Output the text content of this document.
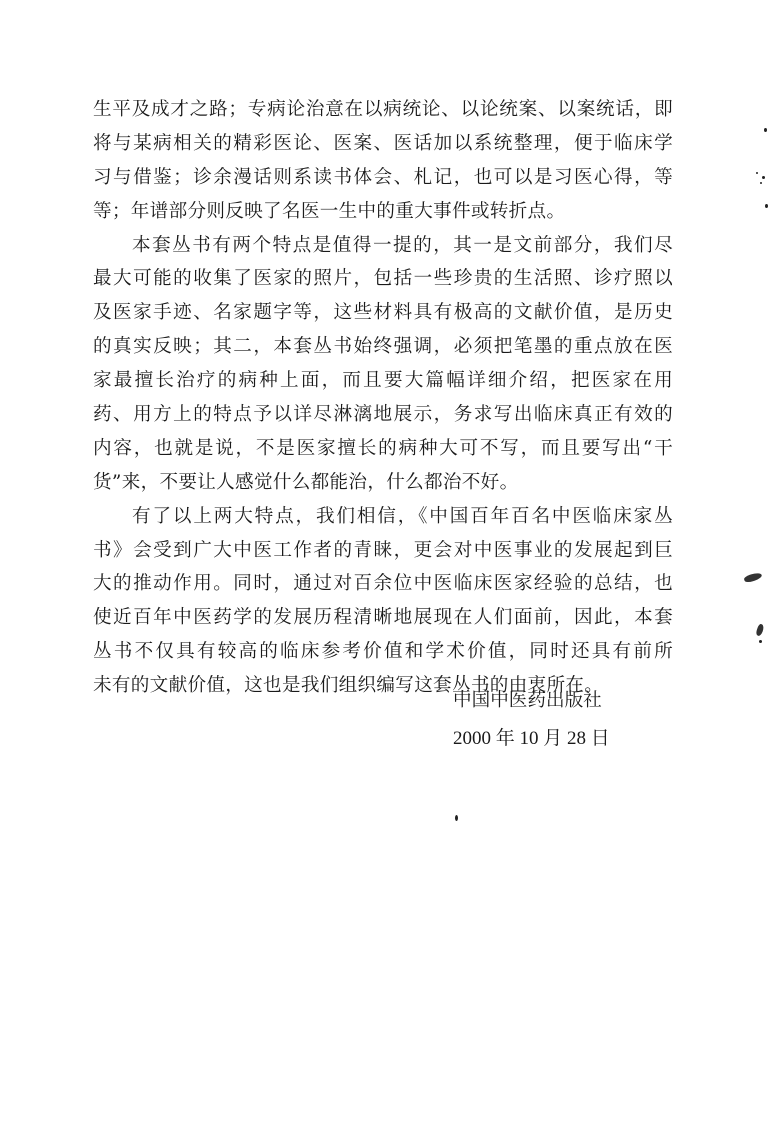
生平及成才之路；专病论治意在以病统论、以论统案、以案统话，即
将与某病相关的精彩医论、医案、医话加以系统整理，便于临床学
习与借鉴；诊余漫话则系读书体会、札记，也可以是习医心得，等
等；年谱部分则反映了名医一生中的重大事件或转折点。
本套丛书有两个特点是值得一提的，其一是文前部分，我们尽
最大可能的收集了医家的照片，包括一些珍贵的生活照、诊疗照以
及医家手迹、名家题字等，这些材料具有极高的文献价值，是历史
的真实反映；其二，本套丛书始终强调，必须把笔墨的重点放在医
家最擅长治疗的病种上面，而且要大篇幅详细介绍，把医家在用
药、用方上的特点予以详尽淋漓地展示，务求写出临床真正有效的
内容，也就是说，不是医家擅长的病种大可不写，而且要写出“干
货”来，不要让人感觉什么都能治，什么都治不好。
有了以上两大特点，我们相信，《中国百年百名中医临床家丛
书》会受到广大中医工作者的青睐，更会对中医事业的发展起到巨
大的推动作用。同时，通过对百余位中医临床医家经验的总结，也
使近百年中医药学的发展历程清晰地展现在人们面前，因此，本套
丛书不仅具有较高的临床参考价值和学术价值，同时还具有前所
未有的文献价值，这也是我们组织编写这套丛书的由衷所在。
中国中医药出版社
2000 年 10 月 28 日
